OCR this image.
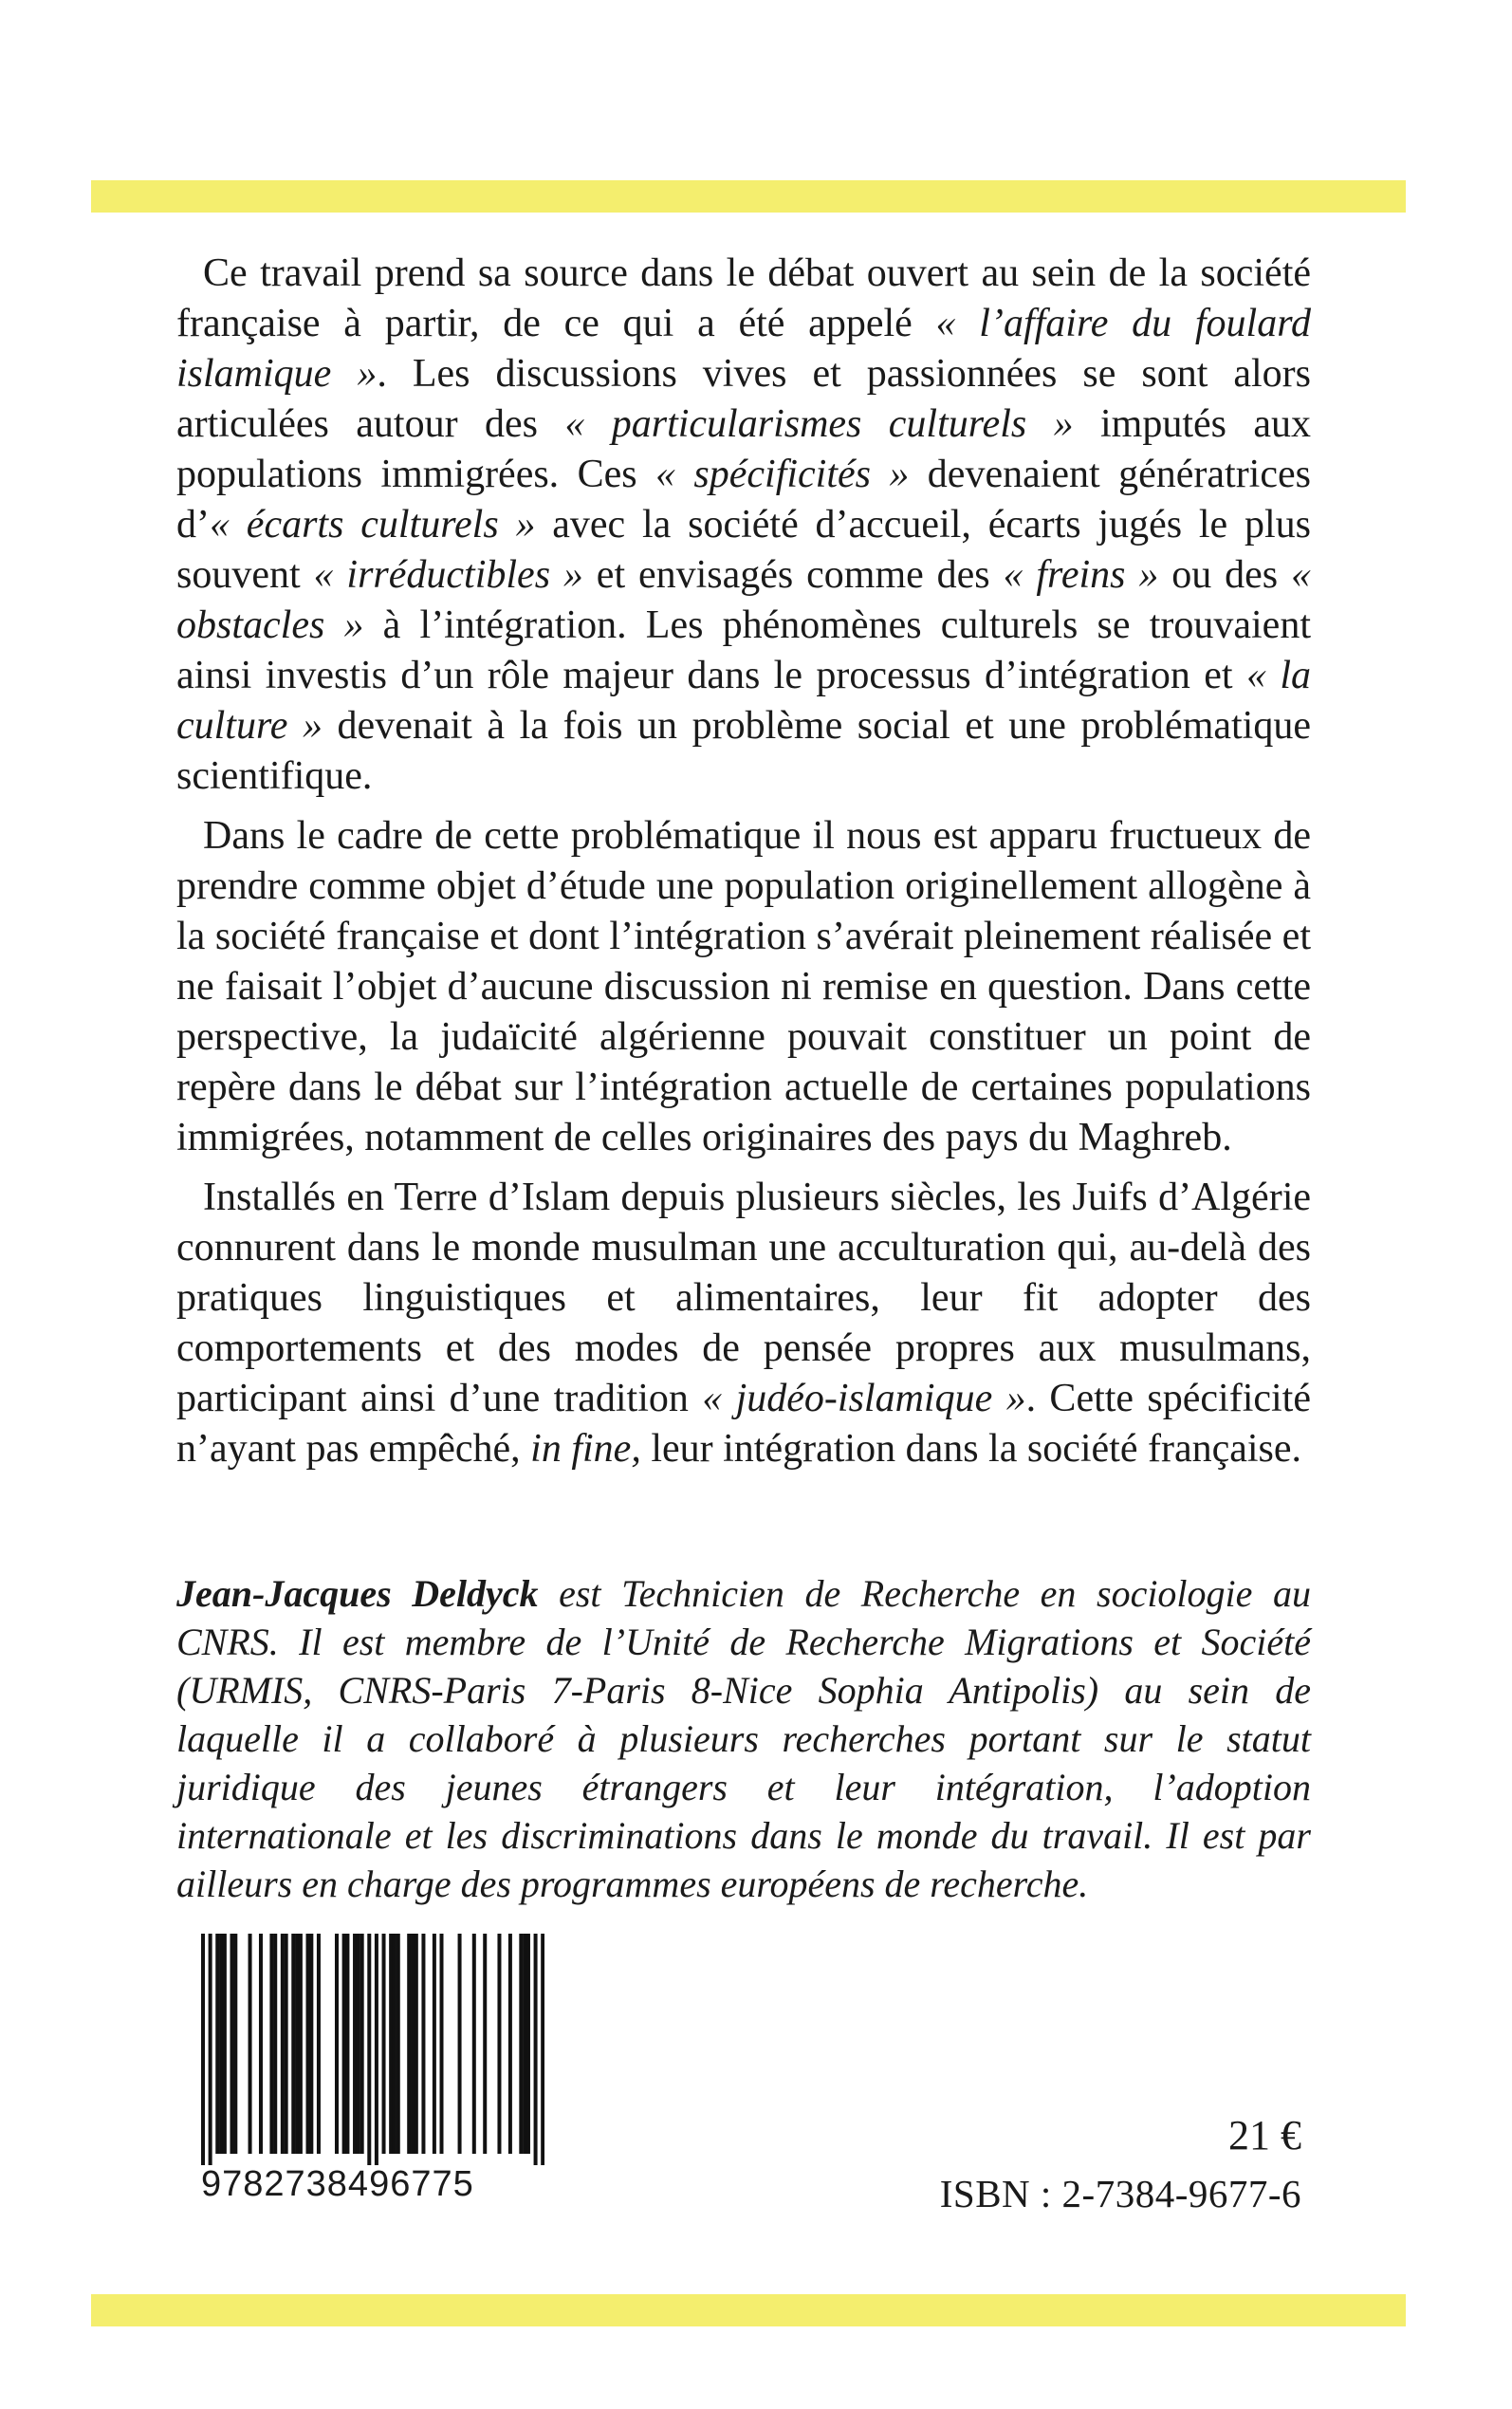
Ce travail prend sa source dans le débat ouvert au sein de la société française à partir, de ce qui a été appelé « l’affaire du foulard islamique ». Les discussions vives et passionnées se sont alors articulées autour des « particularismes culturels » imputés aux populations immigrées. Ces « spécificités » devenaient génératrices d’« écarts culturels » avec la société d’accueil, écarts jugés le plus souvent « irréductibles » et envisagés comme des « freins » ou des « obstacles » à l’intégration. Les phénomènes culturels se trouvaient ainsi investis d’un rôle majeur dans le processus d’intégration et « la culture » devenait à la fois un problème social et une problématique scientifique.

Dans le cadre de cette problématique il nous est apparu fructueux de prendre comme objet d’étude une population originellement allogène à la société française et dont l’intégration s’avérait pleinement réalisée et ne faisait l’objet d’aucune discussion ni remise en question. Dans cette perspective, la judaïcité algérienne pouvait constituer un point de repère dans le débat sur l’intégration actuelle de certaines populations immigrées, notamment de celles originaires des pays du Maghreb.

Installés en Terre d’Islam depuis plusieurs siècles, les Juifs d’Algérie connurent dans le monde musulman une acculturation qui, au-delà des pratiques linguistiques et alimentaires, leur fit adopter des comportements et des modes de pensée propres aux musulmans, participant ainsi d’une tradition « judéo-islamique ». Cette spécificité n’ayant pas empêché, in fine, leur intégration dans la société française.

Jean-Jacques Deldyck est Technicien de Recherche en sociologie au CNRS. Il est membre de l’Unité de Recherche Migrations et Société (URMIS, CNRS-Paris 7-Paris 8-Nice Sophia Antipolis) au sein de laquelle il a collaboré à plusieurs recherches portant sur le statut juridique des jeunes étrangers et leur intégration, l’adoption internationale et les discriminations dans le monde du travail. Il est par ailleurs en charge des programmes européens de recherche.
9782738496775
21 €
ISBN : 2-7384-9677-6
